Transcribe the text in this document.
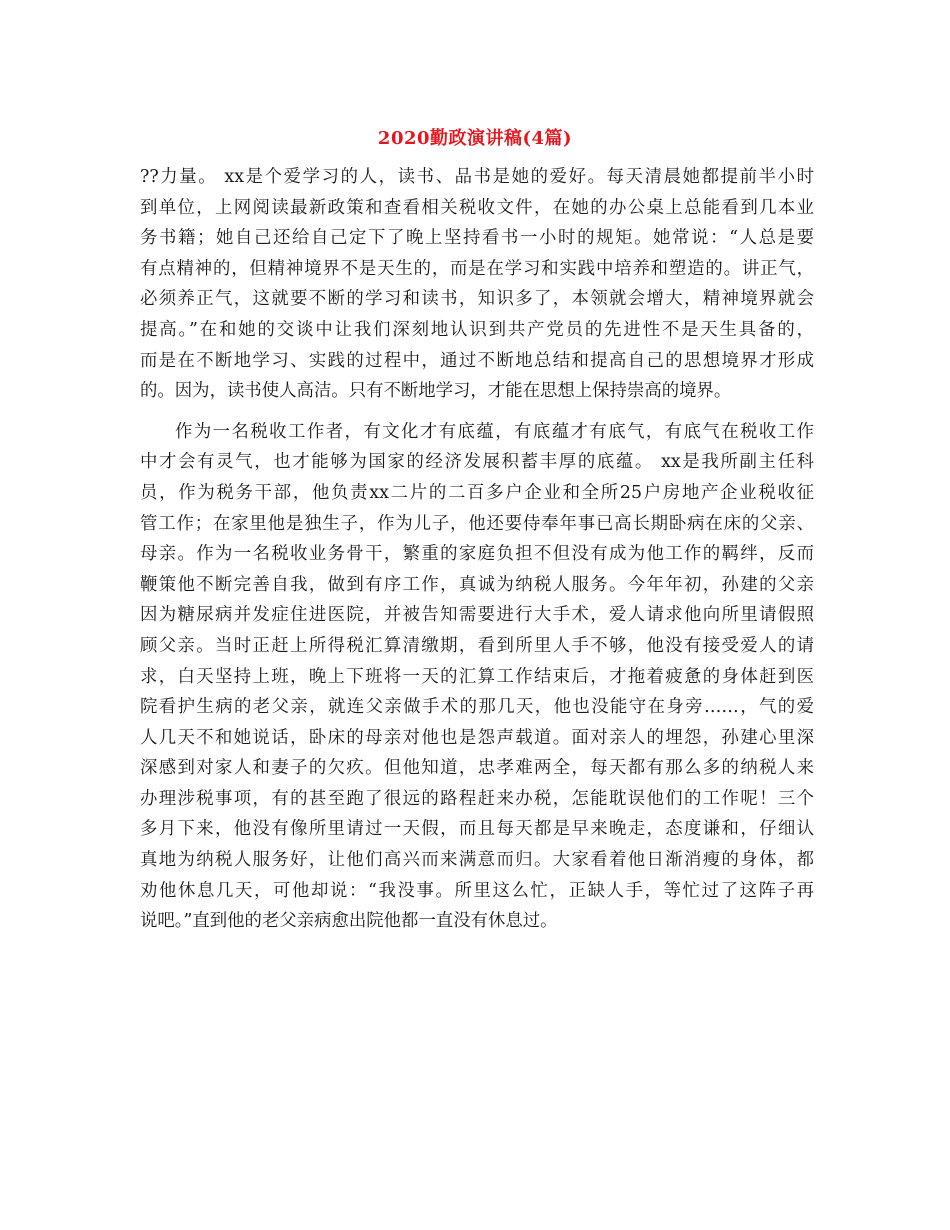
2020勤政演讲稿(4篇)
??力量。 xx是个爱学习的人，读书、品书是她的爱好。每天清晨她都提前半小时
到单位，上网阅读最新政策和查看相关税收文件，在她的办公桌上总能看到几本业
务书籍；她自己还给自己定下了晚上坚持看书一小时的规矩。她常说：“人总是要
有点精神的，但精神境界不是天生的，而是在学习和实践中培养和塑造的。讲正气，
必须养正气，这就要不断的学习和读书，知识多了，本领就会增大，精神境界就会
提高。”在和她的交谈中让我们深刻地认识到共产党员的先进性不是天生具备的，
而是在不断地学习、实践的过程中，通过不断地总结和提高自己的思想境界才形成
的。因为，读书使人高洁。只有不断地学习，才能在思想上保持崇高的境界。
作为一名税收工作者，有文化才有底蕴，有底蕴才有底气，有底气在税收工作
中才会有灵气，也才能够为国家的经济发展积蓄丰厚的底蕴。 xx是我所副主任科
员，作为税务干部，他负责xx二片的二百多户企业和全所25户房地产企业税收征
管工作；在家里他是独生子，作为儿子，他还要侍奉年事已高长期卧病在床的父亲、
母亲。作为一名税收业务骨干，繁重的家庭负担不但没有成为他工作的羁绊，反而
鞭策他不断完善自我，做到有序工作，真诚为纳税人服务。今年年初，孙建的父亲
因为糖尿病并发症住进医院，并被告知需要进行大手术，爱人请求他向所里请假照
顾父亲。当时正赶上所得税汇算清缴期，看到所里人手不够，他没有接受爱人的请
求，白天坚持上班，晚上下班将一天的汇算工作结束后，才拖着疲惫的身体赶到医
院看护生病的老父亲，就连父亲做手术的那几天，他也没能守在身旁……，气的爱
人几天不和她说话，卧床的母亲对他也是怨声载道。面对亲人的埋怨，孙建心里深
深感到对家人和妻子的欠疚。但他知道，忠孝难两全，每天都有那么多的纳税人来
办理涉税事项，有的甚至跑了很远的路程赶来办税，怎能耽误他们的工作呢！三个
多月下来，他没有像所里请过一天假，而且每天都是早来晚走，态度谦和，仔细认
真地为纳税人服务好，让他们高兴而来满意而归。大家看着他日渐消瘦的身体，都
劝他休息几天，可他却说：“我没事。所里这么忙，正缺人手，等忙过了这阵子再
说吧。”直到他的老父亲病愈出院他都一直没有休息过。
